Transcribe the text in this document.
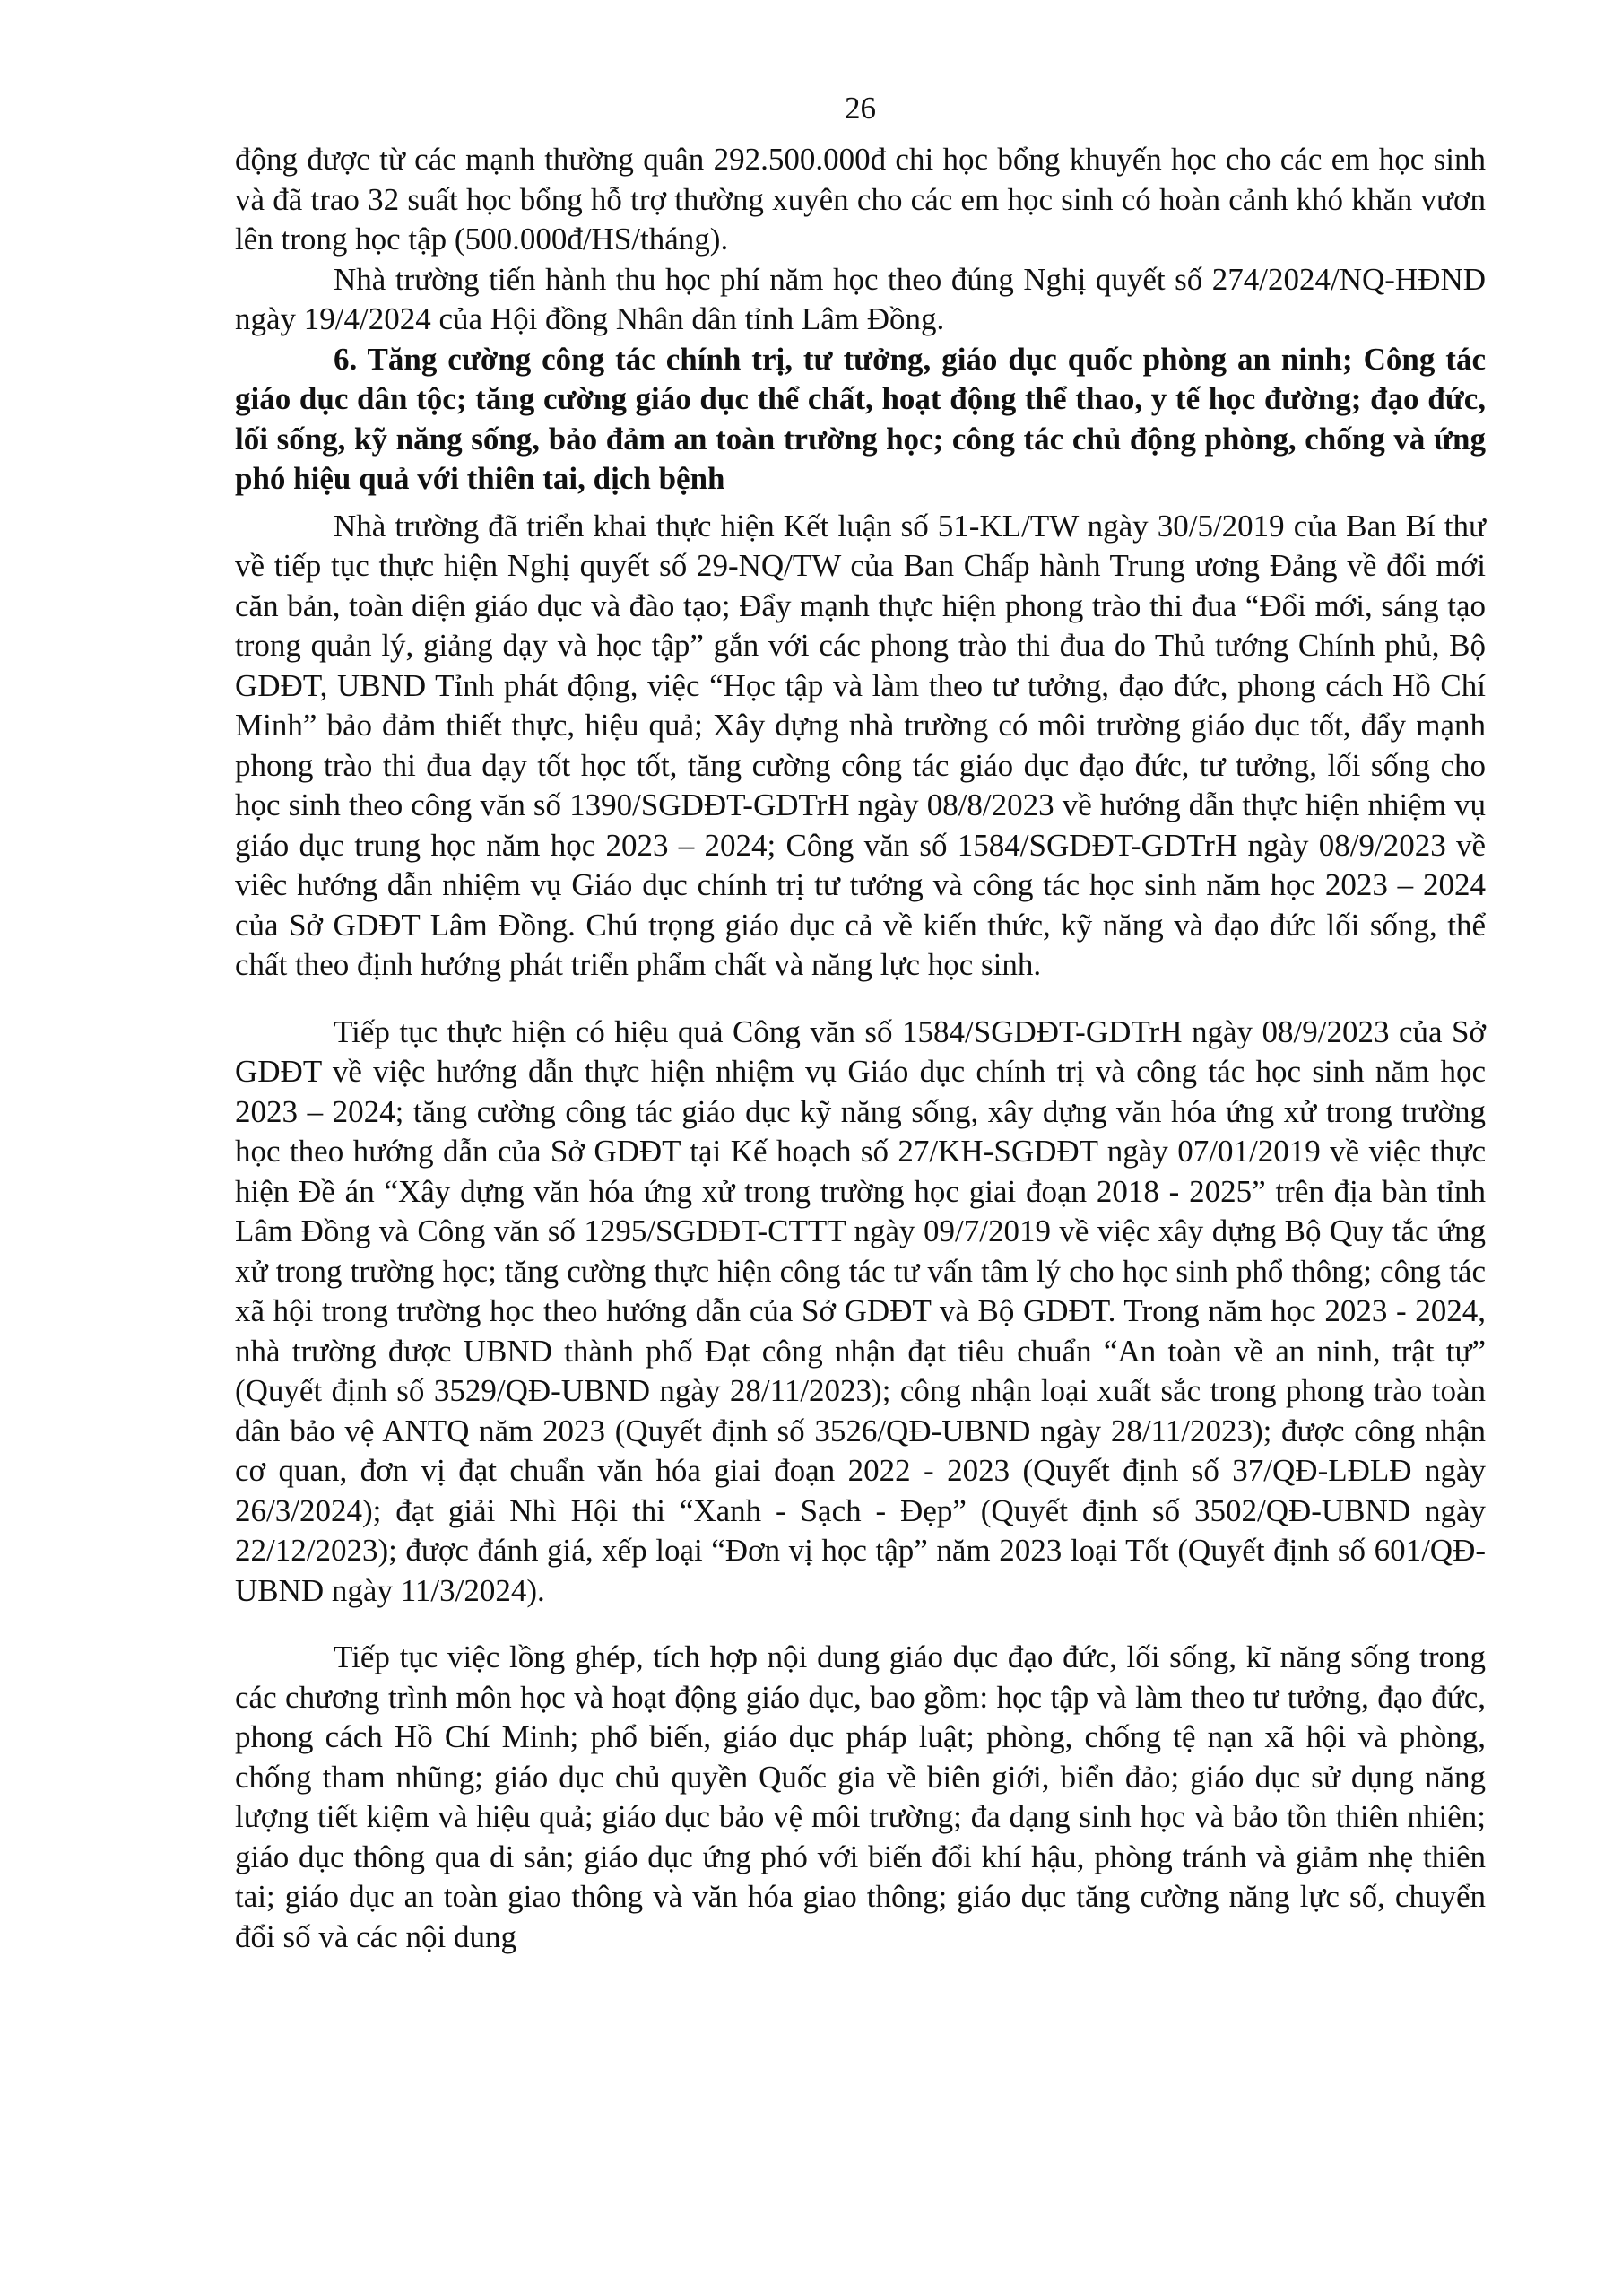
26

động được từ các mạnh thường quân 292.500.000đ chi học bổng khuyến học cho các em học sinh và đã trao 32 suất học bổng hỗ trợ thường xuyên cho các em học sinh có hoàn cảnh khó khăn vươn lên trong học tập (500.000đ/HS/tháng).

Nhà trường tiến hành thu học phí năm học theo đúng Nghị quyết số 274/2024/NQ-HĐND ngày 19/4/2024 của Hội đồng Nhân dân tỉnh Lâm Đồng.

6. Tăng cường công tác chính trị, tư tưởng, giáo dục quốc phòng an ninh; Công tác giáo dục dân tộc; tăng cường giáo dục thể chất, hoạt động thể thao, y tế học đường; đạo đức, lối sống, kỹ năng sống, bảo đảm an toàn trường học; công tác chủ động phòng, chống và ứng phó hiệu quả với thiên tai, dịch bệnh

Nhà trường đã triển khai thực hiện Kết luận số 51-KL/TW ngày 30/5/2019 của Ban Bí thư về tiếp tục thực hiện Nghị quyết số 29-NQ/TW của Ban Chấp hành Trung ương Đảng về đổi mới căn bản, toàn diện giáo dục và đào tạo; Đẩy mạnh thực hiện phong trào thi đua “Đổi mới, sáng tạo trong quản lý, giảng dạy và học tập” gắn với các phong trào thi đua do Thủ tướng Chính phủ, Bộ GDĐT, UBND Tỉnh phát động, việc “Học tập và làm theo tư tưởng, đạo đức, phong cách Hồ Chí Minh” bảo đảm thiết thực, hiệu quả; Xây dựng nhà trường có môi trường giáo dục tốt, đẩy mạnh phong trào thi đua dạy tốt học tốt, tăng cường công tác giáo dục đạo đức, tư tưởng, lối sống cho học sinh theo công văn số 1390/SGDĐT-GDTrH ngày 08/8/2023 về hướng dẫn thực hiện nhiệm vụ giáo dục trung học năm học 2023 – 2024; Công văn số 1584/SGDĐT-GDTrH ngày 08/9/2023 về viêc hướng dẫn nhiệm vụ Giáo dục chính trị tư tưởng và công tác học sinh năm học 2023 – 2024 của Sở GDĐT Lâm Đồng. Chú trọng giáo dục cả về kiến thức, kỹ năng và đạo đức lối sống, thể chất theo định hướng phát triển phẩm chất và năng lực học sinh.

Tiếp tục thực hiện có hiệu quả Công văn số 1584/SGDĐT-GDTrH ngày 08/9/2023 của Sở GDĐT về việc hướng dẫn thực hiện nhiệm vụ Giáo dục chính trị và công tác học sinh năm học 2023 – 2024; tăng cường công tác giáo dục kỹ năng sống, xây dựng văn hóa ứng xử trong trường học theo hướng dẫn của Sở GDĐT tại Kế hoạch số 27/KH-SGDĐT ngày 07/01/2019 về việc thực hiện Đề án “Xây dựng văn hóa ứng xử trong trường học giai đoạn 2018 - 2025” trên địa bàn tỉnh Lâm Đồng và Công văn số 1295/SGDĐT-CTTT ngày 09/7/2019 về việc xây dựng Bộ Quy tắc ứng xử trong trường học; tăng cường thực hiện công tác tư vấn tâm lý cho học sinh phổ thông; công tác xã hội trong trường học theo hướng dẫn của Sở GDĐT và Bộ GDĐT. Trong năm học 2023 - 2024, nhà trường được UBND thành phố Đạt công nhận đạt tiêu chuẩn “An toàn về an ninh, trật tự” (Quyết định số 3529/QĐ-UBND ngày 28/11/2023); công nhận loại xuất sắc trong phong trào toàn dân bảo vệ ANTQ năm 2023 (Quyết định số 3526/QĐ-UBND ngày 28/11/2023); được công nhận cơ quan, đơn vị đạt chuẩn văn hóa giai đoạn 2022 - 2023 (Quyết định số 37/QĐ-LĐLĐ ngày 26/3/2024); đạt giải Nhì Hội thi “Xanh - Sạch - Đẹp” (Quyết định số 3502/QĐ-UBND ngày 22/12/2023); được đánh giá, xếp loại “Đơn vị học tập” năm 2023 loại Tốt (Quyết định số 601/QĐ-UBND ngày 11/3/2024).

Tiếp tục việc lồng ghép, tích hợp nội dung giáo dục đạo đức, lối sống, kĩ năng sống trong các chương trình môn học và hoạt động giáo dục, bao gồm: học tập và làm theo tư tưởng, đạo đức, phong cách Hồ Chí Minh; phổ biến, giáo dục pháp luật; phòng, chống tệ nạn xã hội và phòng, chống tham nhũng; giáo dục chủ quyền Quốc gia về biên giới, biển đảo; giáo dục sử dụng năng lượng tiết kiệm và hiệu quả; giáo dục bảo vệ môi trường; đa dạng sinh học và bảo tồn thiên nhiên; giáo dục thông qua di sản; giáo dục ứng phó với biến đổi khí hậu, phòng tránh và giảm nhẹ thiên tai; giáo dục an toàn giao thông và văn hóa giao thông; giáo dục tăng cường năng lực số, chuyển đổi số và các nội dung
